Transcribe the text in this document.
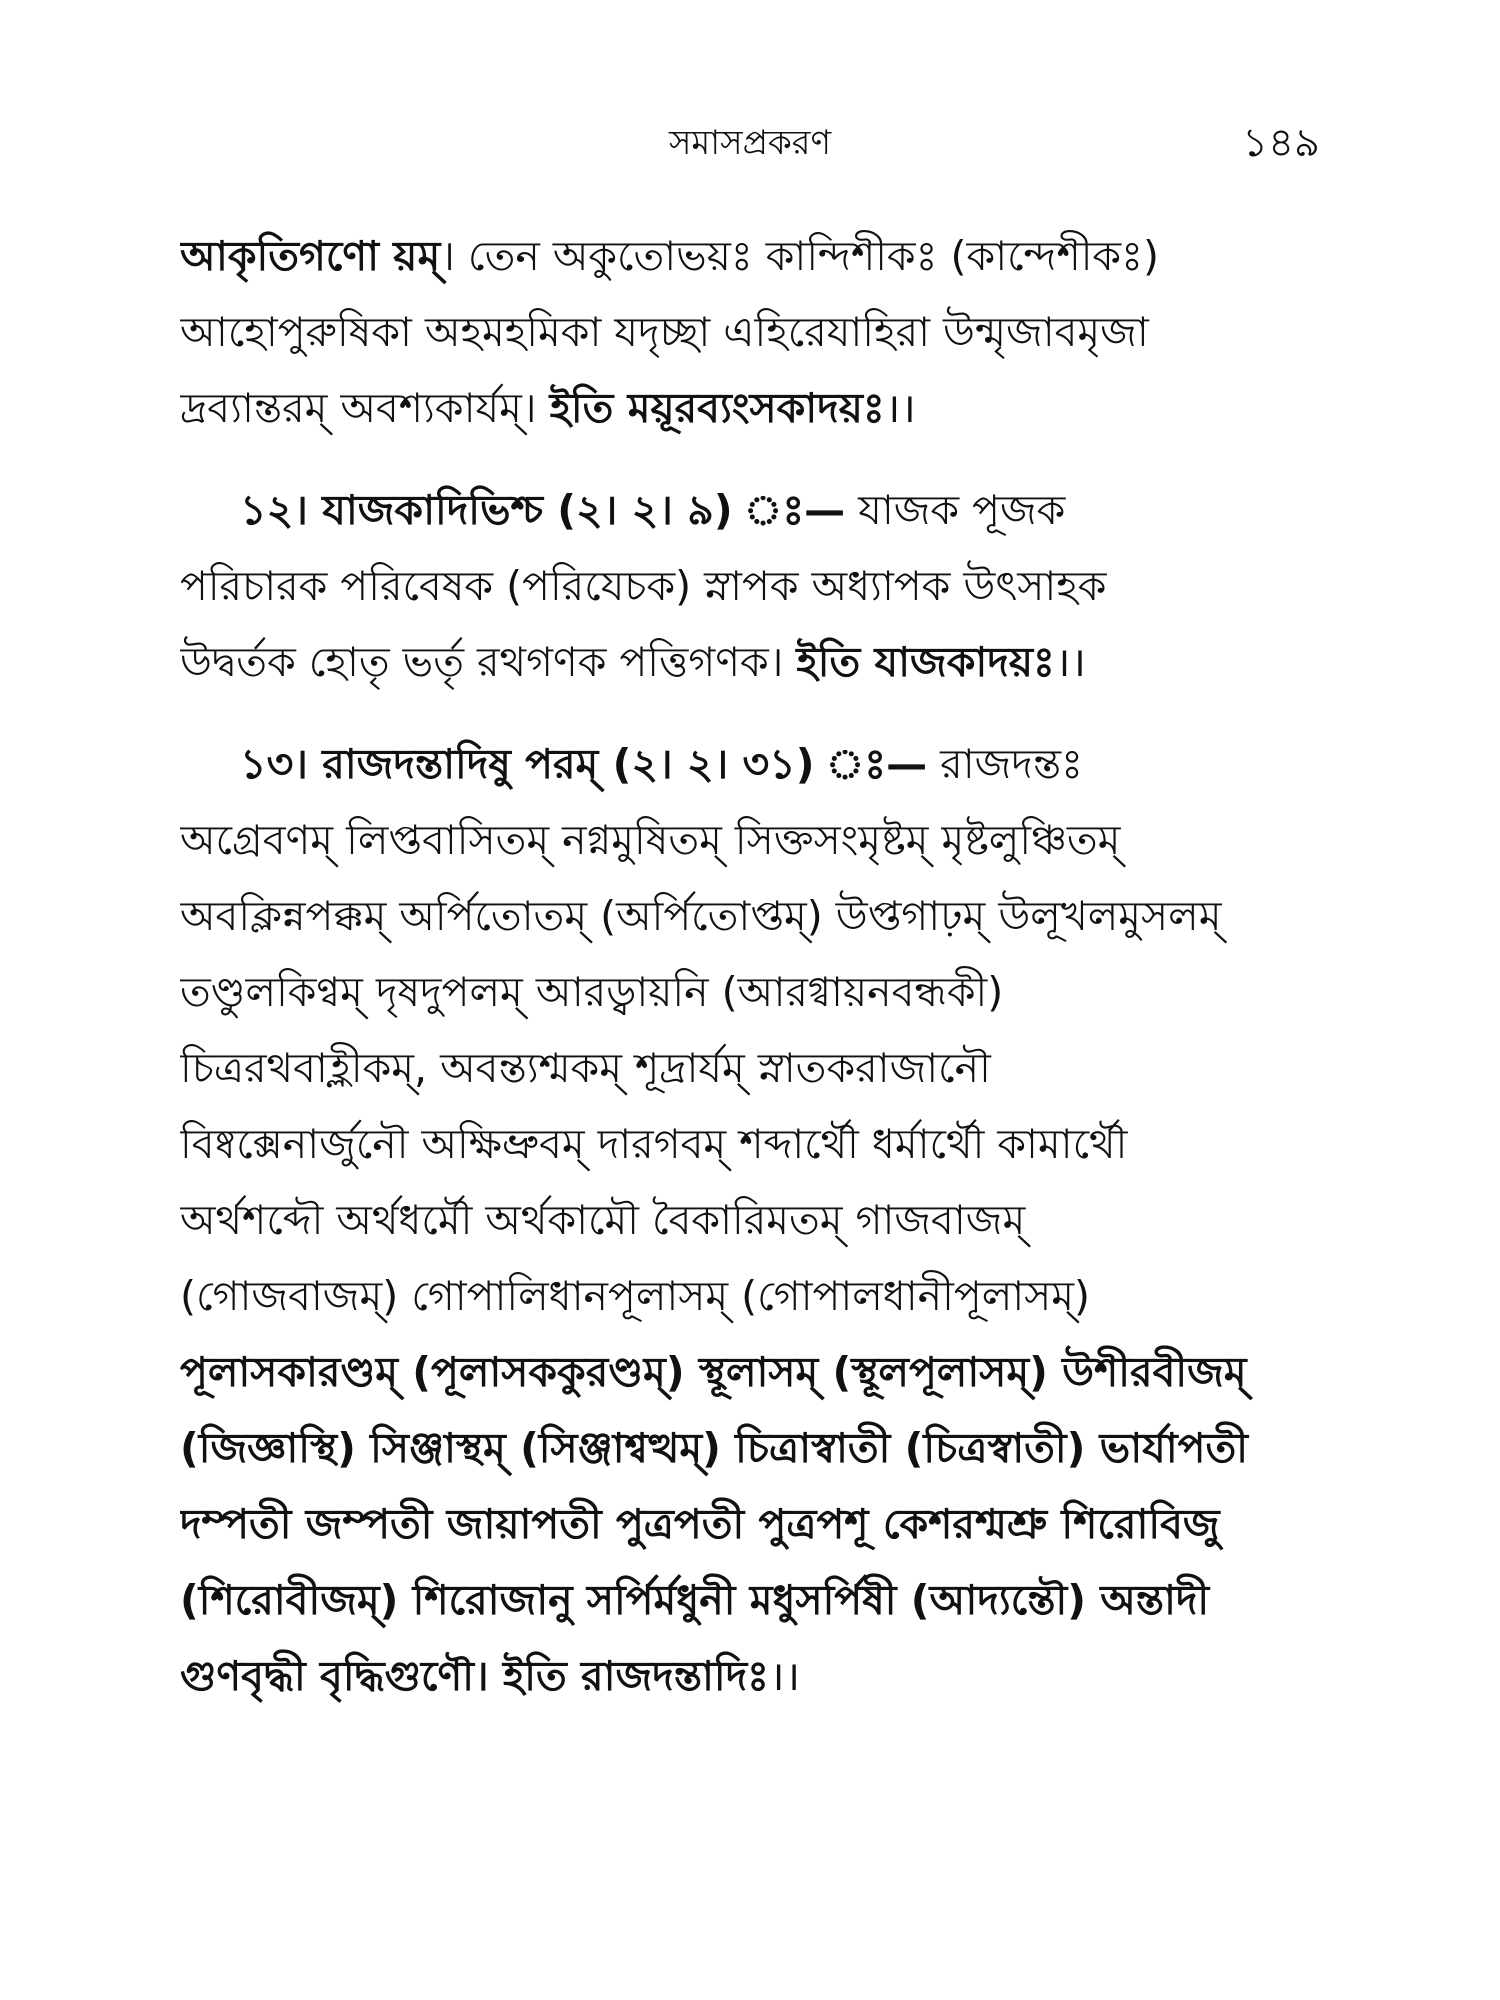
সমাসপ্রকরণ	১৪৯

আকৃতিগণো য়ম্। তেন অকুতোভয়ঃ কান্দিশীকঃ (কান্দেশীকঃ)
আহোপুরুষিকা অহমহমিকা যদৃচ্ছা এহিরেযাহিরা উন্মৃজাবমৃজা
দ্রব্যান্তরম্ অবশ্যকার্যম্। ইতি ময়ূরব্যংসকাদয়ঃ।।

১২। যাজকাদিভিশ্চ (২। ২। ৯) ঃ— যাজক পূজক
পরিচারক পরিবেষক (পরিযেচক) স্নাপক অধ্যাপক উৎসাহক
উদ্বর্তক হোতৃ ভর্তৃ রথগণক পত্তিগণক। ইতি যাজকাদয়ঃ।।

১৩। রাজদন্তাদিষু পরম্ (২। ২। ৩১) ঃ— রাজদন্তঃ
অগ্রেবণম্ লিপ্তবাসিতম্ নগ্নমুষিতম্ সিক্তসংমৃষ্টম্ মৃষ্টলুঞ্চিতম্
অবক্লিন্নপক্কম্ অর্পিতোতম্ (অর্পিতোপ্তম্) উপ্তগাঢ়ম্ উলূখলমুসলম্
তণ্ডুলকিণ্বম্ দৃষদুপলম্ আরড্বায়নি (আরগ্বায়নবন্ধকী)
চিত্ররথবাহ্লীকম্, অবন্ত্যশ্মকম্ শূদ্রার্যম্ স্নাতকরাজানৌ
বিষ্বক্সেনার্জুনৌ অক্ষিভ্রুবম্ দারগবম্ শব্দার্থৌ ধর্মার্থৌ কামার্থৌ
অর্থশব্দৌ অর্থধর্মৌ অর্থকামৌ বৈকারিমতম্ গাজবাজম্
(গোজবাজম্) গোপালিধানপূলাসম্ (গোপালধানীপূলাসম্)
পূলাসকারণ্ডম্ (পূলাসককুরণ্ডম্) স্থূলাসম্ (স্থূলপূলাসম্) উশীরবীজম্
(জিজ্ঞাস্থি) সিঞ্জাস্থম্ (সিঞ্জাশ্বত্থম্) চিত্রাস্বাতী (চিত্রস্বাতী) ভার্যাপতী
দম্পতী জম্পতী জায়াপতী পুত্রপতী পুত্রপশূ কেশরশ্মশ্রু শিরোবিজু
(শিরোবীজম্) শিরোজানু সর্পির্মধুনী মধুসর্পিষী (আদ্যন্তৌ) অন্তাদী
গুণবৃদ্ধী বৃদ্ধিগুণৌ। ইতি রাজদন্তাদিঃ।।
